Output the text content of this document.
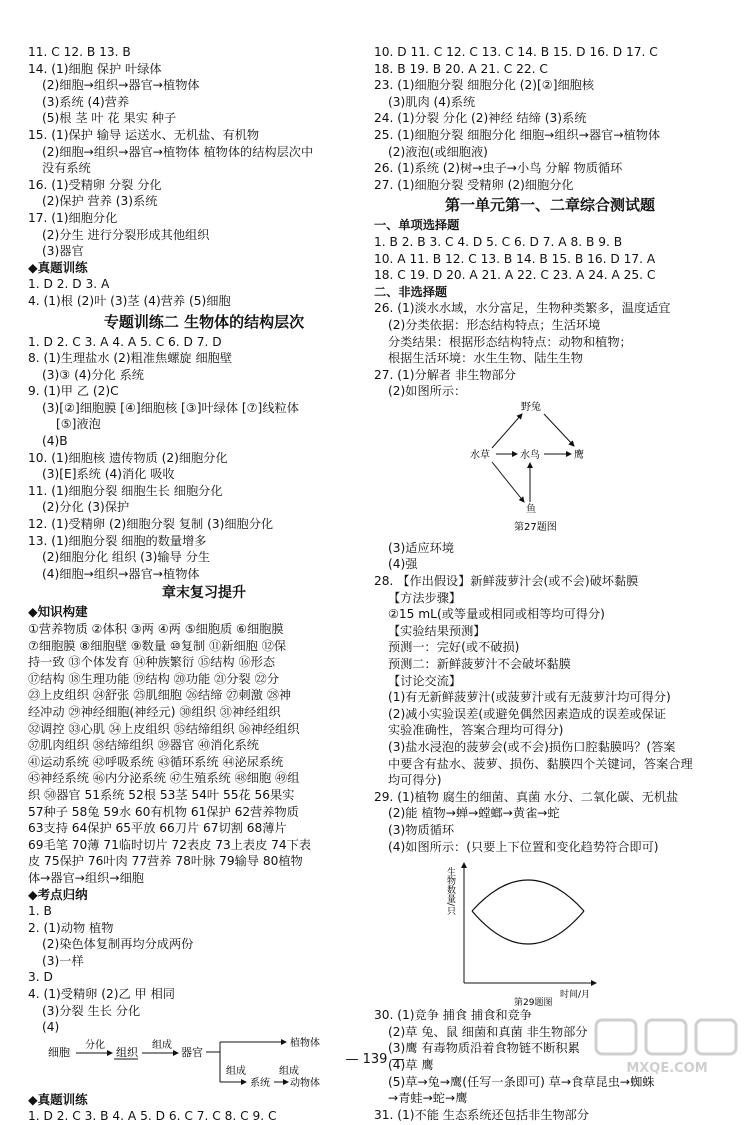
11. C 12. B 13. B
14. (1)细胞 保护 叶绿体
(2)细胞→组织→器官→植物体
(3)系统 (4)营养
(5)根 茎 叶 花 果实 种子
15. (1)保护 输导 运送水、无机盐、有机物
(2)细胞→组织→器官→植物体 植物体的结构层次中
没有系统
16. (1)受精卵 分裂 分化
(2)保护 营养 (3)系统
17. (1)细胞分化
(2)分生 进行分裂形成其他组织
(3)器官
◆真题训练
1. D 2. D 3. A
4. (1)根 (2)叶 (3)茎 (4)营养 (5)细胞
专题训练二 生物体的结构层次
1. D 2. C 3. A 4. A 5. C 6. D 7. D
8. (1)生理盐水 (2)粗准焦螺旋 细胞壁
(3)③ (4)分化 系统
9. (1)甲 乙 (2)C
(3)[②]细胞膜 [④]细胞核 [③]叶绿体 [⑦]线粒体
[⑤]液泡
(4)B
10. (1)细胞核 遗传物质 (2)细胞分化
(3)[E]系统 (4)消化 吸收
11. (1)细胞分裂 细胞生长 细胞分化
(2)分化 (3)保护
12. (1)受精卵 (2)细胞分裂 复制 (3)细胞分化
13. (1)细胞分裂 细胞的数量增多
(2)细胞分化 组织 (3)输导 分生
(4)细胞→组织→器官→植物体
章末复习提升
◆知识构建
①营养物质 ②体积 ③两 ④两 ⑤细胞质 ⑥细胞膜
⑦细胞膜 ⑧细胞壁 ⑨数量 ⑩复制 ⑪新细胞 ⑫保
持一致 ⑬个体发育 ⑭种族繁衍 ⑮结构 ⑯形态
⑰结构 ⑱生理功能 ⑲结构 ⑳功能 ㉑分裂 ㉒分
㉓上皮组织 ㉔舒张 ㉕肌细胞 ㉖结缔 ㉗刺激 ㉘神
经冲动 ㉙神经细胞(神经元) ㉚组织 ㉛神经组织
㉜调控 ㉝心肌 ㉞上皮组织 ㉟结缔组织 ㊱神经组织
㊲肌肉组织 ㊳结缔组织 ㊴器官 ㊵消化系统
㊶运动系统 ㊷呼吸系统 ㊸循环系统 ㊹泌尿系统
㊺神经系统 ㊻内分泌系统 ㊼生殖系统 ㊽细胞 ㊾组
织 ㊿器官 51系统 52根 53茎 54叶 55花 56果实
57种子 58兔 59水 60有机物 61保护 62营养物质
63支持 64保护 65平放 66刀片 67切割 68薄片
69毛笔 70薄 71临时切片 72表皮 73上表皮 74下表
皮 75保护 76叶肉 77营养 78叶脉 79输导 80植物
体→器官→组织→细胞
◆考点归纳
1. B
2. (1)动物 植物
(2)染色体复制再均分成两份
(3)一样
3. D
4. (1)受精卵 (2)乙 甲 相同
(3)分裂 生长 分化
(4)
细胞
分化
组织
组成
器官
植物体
组成
系统
组成
动物体
◆真题训练
1. D 2. C 3. B 4. A 5. D 6. C 7. C 8. C 9. C
10. D 11. C 12. C 13. C 14. B 15. D 16. D 17. C
18. B 19. B 20. A 21. C 22. C
23. (1)细胞分裂 细胞分化 (2)[②]细胞核
(3)肌肉 (4)系统
24. (1)分裂 分化 (2)神经 结缔 (3)系统
25. (1)细胞分裂 细胞分化 细胞→组织→器官→植物体
(2)液泡(或细胞液)
26. (1)系统 (2)树→虫子→小鸟 分解 物质循环
27. (1)细胞分裂 受精卵 (2)细胞分化
第一单元第一、二章综合测试题
一、单项选择题
1. B 2. B 3. C 4. D 5. C 6. D 7. A 8. B 9. B
10. A 11. B 12. C 13. B 14. B 15. B 16. D 17. A
18. C 19. D 20. A 21. A 22. C 23. A 24. A 25. C
二、非选择题
26. (1)淡水水域，水分富足，生物种类繁多，温度适宜
(2)分类依据：形态结构特点；生活环境
分类结果：根据形态结构特点：动物和植物；
根据生活环境：水生生物、陆生生物
27. (1)分解者 非生物部分
(2)如图所示：
野兔
水草	水鸟	鹰
鱼
第27题图
(3)适应环境
(4)强
28. 【作出假设】新鲜菠萝汁会(或不会)破坏黏膜
【方法步骤】
②15 mL(或等量或相同或相等均可得分)
【实验结果预测】
预测一：完好(或不破损)
预测二：新鲜菠萝汁不会破坏黏膜
【讨论交流】
(1)有无新鲜菠萝汁(或菠萝汁或有无菠萝汁均可得分)
(2)减小实验误差(或避免偶然因素造成的误差或保证
实验准确性，答案合理均可得分)
(3)盐水浸泡的菠萝会(或不会)损伤口腔黏膜吗？(答案
中要含有盐水、菠萝、损伤、黏膜四个关键词，答案合理
均可得分)
29. (1)植物 腐生的细菌、真菌 水分、二氧化碳、无机盐
(2)能 植物→蝉→螳螂→黄雀→蛇
(3)物质循环
(4)如图所示：(只要上下位置和变化趋势符合即可)
生物数量/只
时间/月
第29题图
30. (1)竞争 捕食 捕食和竞争
(2)草 兔、鼠 细菌和真菌 非生物部分
(3)鹰 有毒物质沿着食物链不断积累
(4)草 鹰
(5)草→兔→鹰(任写一条即可) 草→食草昆虫→蜘蛛
→青蛙→蛇→鹰
31. (1)不能 生态系统还包括非生物部分
— 139 —
MXQE.COM
